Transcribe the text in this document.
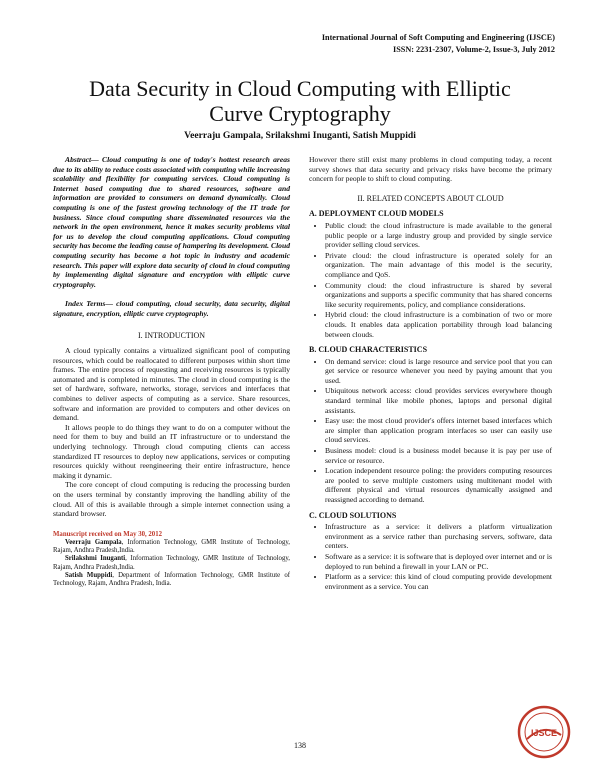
International Journal of Soft Computing and Engineering (IJSCE)
ISSN: 2231-2307, Volume-2, Issue-3, July 2012
Data Security in Cloud Computing with Elliptic
Curve Cryptography
Veerraju Gampala, Srilakshmi Inuganti, Satish Muppidi

Abstract— Cloud computing is one of today's hottest research areas due to its ability to reduce costs associated with computing while increasing scalability and flexibility for computing services. Cloud computing is Internet based computing due to shared resources, software and information are provided to consumers on demand dynamically. Cloud computing is one of the fastest growing technology of the IT trade for business. Since cloud computing share disseminated resources via the network in the open environment, hence it makes security problems vital for us to develop the cloud computing applications. Cloud computing security has become the leading cause of hampering its development. Cloud computing security has become a hot topic in industry and academic research. This paper will explore data security of cloud in cloud computing by implementing digital signature and encryption with elliptic curve cryptography.

Index Terms— cloud computing, cloud security, data security, digital signature, encryption, elliptic curve cryptography.

I. INTRODUCTION

A cloud typically contains a virtualized significant pool of computing resources, which could be reallocated to different purposes within short time frames. The entire process of requesting and receiving resources is typically automated and is completed in minutes. The cloud in cloud computing is the set of hardware, software, networks, storage, services and interfaces that combines to deliver aspects of computing as a service. Share resources, software and information are provided to computers and other devices on demand.

It allows people to do things they want to do on a computer without the need for them to buy and build an IT infrastructure or to understand the underlying technology. Through cloud computing clients can access standardized IT resources to deploy new applications, services or computing resources quickly without reengineering their entire infrastructure, hence making it dynamic.

The core concept of cloud computing is reducing the processing burden on the users terminal by constantly improving the handling ability of the cloud. All of this is available through a simple internet connection using a standard browser.

Manuscript received on May 30, 2012
Veerraju Gampala, Information Technology, GMR Institute of Technology, Rajam, Andhra Pradesh,India.
Srilakshmi Inuganti, Information Technology, GMR Institute of Technology, Rajam, Andhra Pradesh,India.
Satish Muppidi, Department of Information Technology, GMR Institute of Technology, Rajam, Andhra Pradesh, India.

However there still exist many problems in cloud computing today, a recent survey shows that data security and privacy risks have become the primary concern for people to shift to cloud computing.

II. RELATED CONCEPTS ABOUT CLOUD
A. DEPLOYMENT CLOUD MODELS
• Public cloud: the cloud infrastructure is made available to the general public people or a large industry group and provided by single service provider selling cloud services.
• Private cloud: the cloud infrastructure is operated solely for an organization. The main advantage of this model is the security, compliance and QoS.
• Community cloud: the cloud infrastructure is shared by several organizations and supports a specific community that has shared concerns like security requirements, policy, and compliance considerations.
• Hybrid cloud: the cloud infrastructure is a combination of two or more clouds. It enables data application portability through load balancing between clouds.
B. CLOUD CHARACTERISTICS
• On demand service: cloud is large resource and service pool that you can get service or resource whenever you need by paying amount that you used.
• Ubiquitous network access: cloud provides services everywhere though standard terminal like mobile phones, laptops and personal digital assistants.
• Easy use: the most cloud provider's offers internet based interfaces which are simpler than application program interfaces so user can easily use cloud services.
• Business model: cloud is a business model because it is pay per use of service or resource.
• Location independent resource poling: the providers computing resources are pooled to serve multiple customers using multitenant model with different physical and virtual resources dynamically assigned and reassigned according to demand.
C. CLOUD SOLUTIONS
• Infrastructure as a service: it delivers a platform virtualization environment as a service rather than purchasing servers, software, data centers.
• Software as a service: it is software that is deployed over internet and or is deployed to run behind a firewall in your LAN or PC.
• Platform as a service: this kind of cloud computing provide development environment as a service. You can
138
IJSCE
